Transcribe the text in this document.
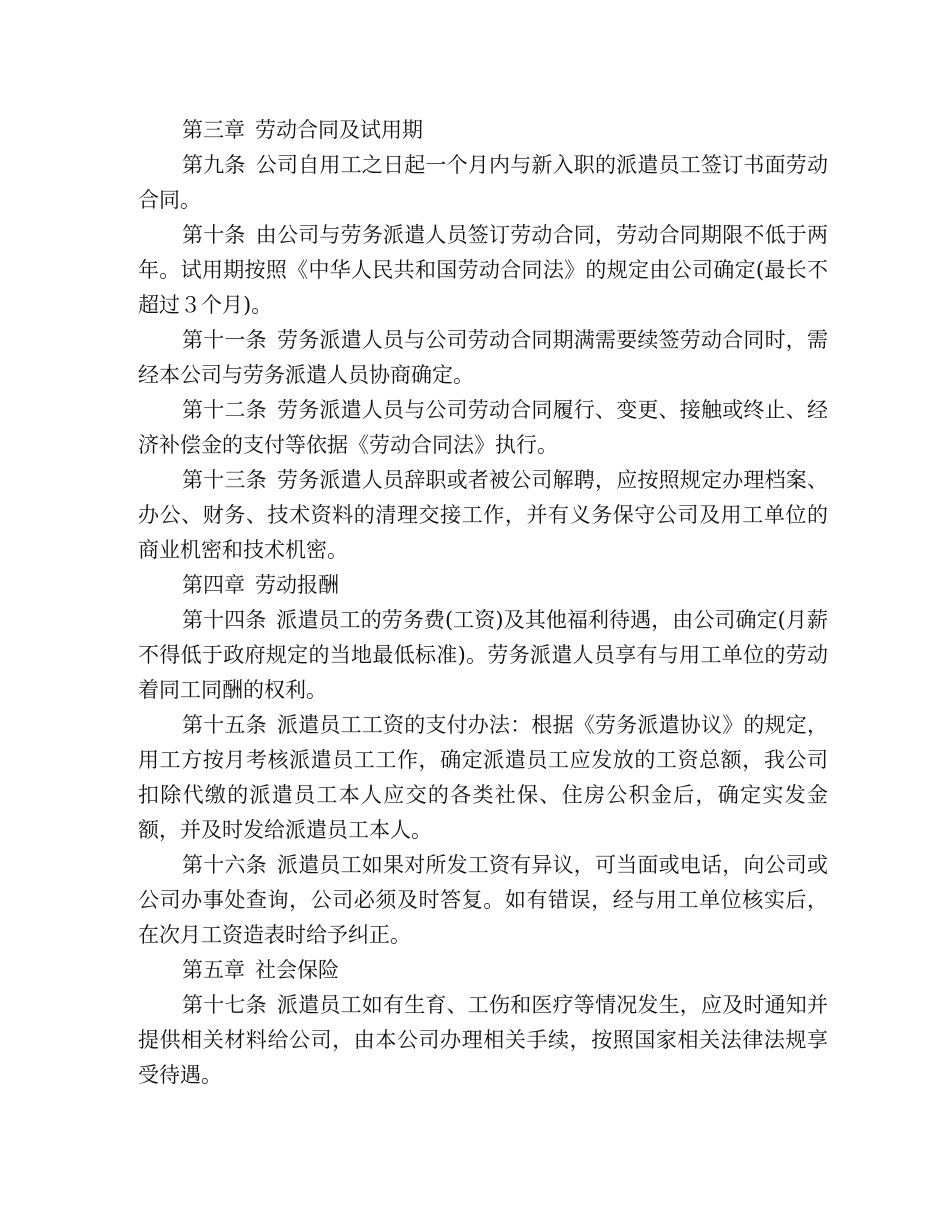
第三章 劳动合同及试用期

第九条 公司自用工之日起一个月内与新入职的派遣员工签订书面劳动合同。

第十条 由公司与劳务派遣人员签订劳动合同，劳动合同期限不低于两年。试用期按照《中华人民共和国劳动合同法》的规定由公司确定(最长不超过３个月)。

第十一条 劳务派遣人员与公司劳动合同期满需要续签劳动合同时，需经本公司与劳务派遣人员协商确定。

第十二条 劳务派遣人员与公司劳动合同履行、变更、接触或终止、经济补偿金的支付等依据《劳动合同法》执行。

第十三条 劳务派遣人员辞职或者被公司解聘，应按照规定办理档案、办公、财务、技术资料的清理交接工作，并有义务保守公司及用工单位的商业机密和技术机密。

第四章 劳动报酬

第十四条 派遣员工的劳务费(工资)及其他福利待遇，由公司确定(月薪不得低于政府规定的当地最低标准)。劳务派遣人员享有与用工单位的劳动着同工同酬的权利。

第十五条 派遣员工工资的支付办法：根据《劳务派遣协议》的规定，用工方按月考核派遣员工工作，确定派遣员工应发放的工资总额，我公司扣除代缴的派遣员工本人应交的各类社保、住房公积金后，确定实发金额，并及时发给派遣员工本人。

第十六条 派遣员工如果对所发工资有异议，可当面或电话，向公司或公司办事处查询，公司必须及时答复。如有错误，经与用工单位核实后，在次月工资造表时给予纠正。

第五章 社会保险

第十七条 派遣员工如有生育、工伤和医疗等情况发生，应及时通知并提供相关材料给公司，由本公司办理相关手续，按照国家相关法律法规享受待遇。
